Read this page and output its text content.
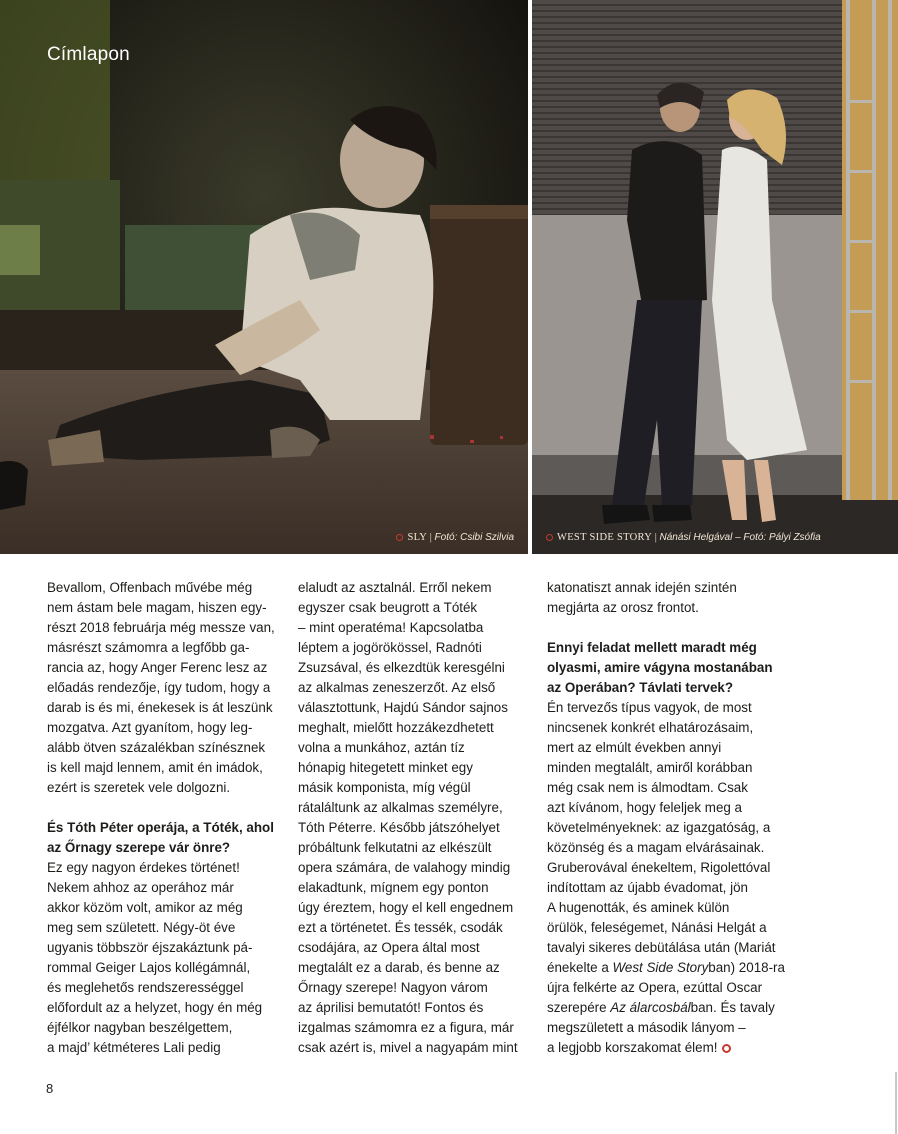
Címlapon
SLY | Fotó: Csibi Szilvia	WEST SIDE STORY | Nánási Helgával – Fotó: Pályi Zsófia
Bevallom, Offenbach művébe még
nem ástam bele magam, hiszen egy-
részt 2018 februárja még messze van,
másrészt számomra a legfőbb ga-
rancia az, hogy Anger Ferenc lesz az
előadás rendezője, így tudom, hogy a
darab is és mi, énekesek is át leszünk
mozgatva. Azt gyanítom, hogy leg-
alább ötven százalékban színésznek
is kell majd lennem, amit én imádok,
ezért is szeretek vele dolgozni.
És Tóth Péter operája, a Tóték, ahol
az Őrnagy szerepe vár önre?
Ez egy nagyon érdekes történet!
Nekem ahhoz az operához már
akkor közöm volt, amikor az még
meg sem született. Négy-öt éve
ugyanis többször éjszakáztunk pá-
rommal Geiger Lajos kollégámnál,
és meglehetős rendszerességgel
előfordult az a helyzet, hogy én még
éjfélkor nagyban beszélgettem,
a majd’ kétméteres Lali pedig
elaludt az asztalnál. Erről nekem
egyszer csak beugrott a Tóték
– mint operatéma! Kapcsolatba
léptem a jogörökössel, Radnóti
Zsuzsával, és elkezdtük keresgélni
az alkalmas zeneszerzőt. Az első
választottunk, Hajdú Sándor sajnos
meghalt, mielőtt hozzákezdhetett
volna a munkához, aztán tíz
hónapig hitegetett minket egy
másik komponista, míg végül
rátaláltunk az alkalmas személyre,
Tóth Péterre. Később játszóhelyet
próbáltunk felkutatni az elkészült
opera számára, de valahogy mindig
elakadtunk, mígnem egy ponton
úgy éreztem, hogy el kell engednem
ezt a történetet. És tessék, csodák
csodájára, az Opera által most
megtalált ez a darab, és benne az
Őrnagy szerepe! Nagyon várom
az áprilisi bemutatót! Fontos és
izgalmas számomra ez a figura, már
csak azért is, mivel a nagyapám mint
katonatiszt annak idején szintén
megjárta az orosz frontot.
Ennyi feladat mellett maradt még
olyasmi, amire vágyna mostanában
az Operában? Távlati tervek?
Én tervezős típus vagyok, de most
nincsenek konkrét elhatározásaim,
mert az elmúlt években annyi
minden megtalált, amiről korábban
még csak nem is álmodtam. Csak
azt kívánom, hogy feleljek meg a
követelményeknek: az igazgatóság, a
közönség és a magam elvárásainak.
Gruberovával énekeltem, Rigolettóval
indítottam az újabb évadomat, jön
A hugenották, és aminek külön
örülök, feleségemet, Nánási Helgát a
tavalyi sikeres debütálása után (Mariát
énekelte a West Side Storyban) 2018-ra
újra felkérte az Opera, ezúttal Oscar
szerepére Az álarcosbálban. És tavaly
megszületett a második lányom –
a legjobb korszakomat élem!
8
